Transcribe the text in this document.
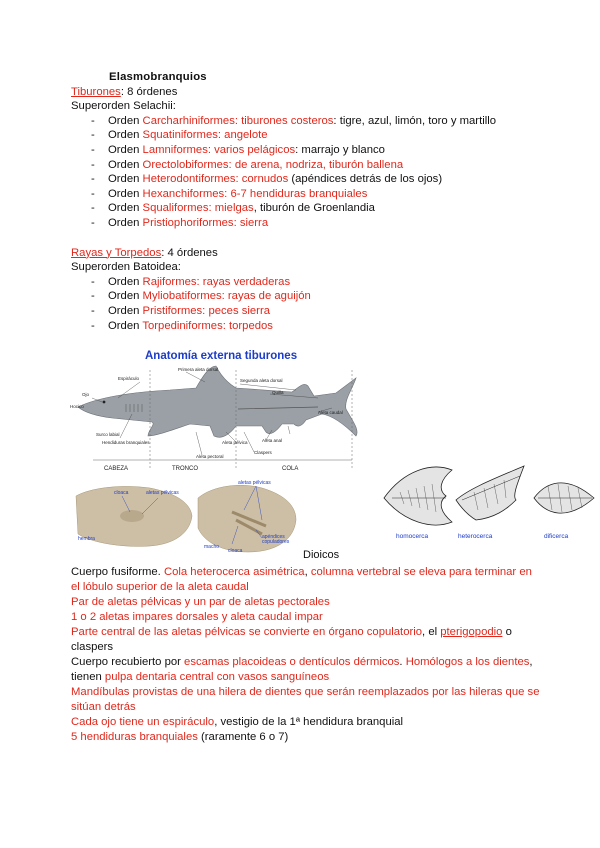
Elasmobranquios
Tiburones: 8 órdenes
Superorden Selachii:
- Orden Carcharhiniformes: tiburones costeros: tigre, azul, limón, toro y martillo
- Orden Squatiniformes: angelote
- Orden Lamniformes: varios pelágicos: marrajo y blanco
- Orden Orectolobiformes: de arena, nodriza, tiburón ballena
- Orden Heterodontiformes: cornudos (apéndices detrás de los ojos)
- Orden Hexanchiformes: 6-7 hendiduras branquiales
- Orden Squaliformes: mielgas, tiburón de Groenlandia
- Orden Pristiophoriformes: sierra
Rayas y Torpedos: 4 órdenes
Superorden Batoidea:
- Orden Rajiformes: rayas verdaderas
- Orden Myliobatiformes: rayas de aguijón
- Orden Pristiformes: peces sierra
- Orden Torpediniformes: torpedos
Anatomía externa tiburones
Primera aleta dorsal
Espiráculo	Segunda aleta dorsal
Quilla
Aleta caudal
Aleta anal
Aleta pélvica
Claspers
Aleta pectoral
Hendiduras branquiales
Ojo
Hocico
Surco labial
CABEZA	TRONCO	COLA
hembra
cloaca	aletas pélvicas
aletas pélvicas
macho
cloaca
apéndices
copuladores
homocerca	heterocerca	dificerca
Dioicos
Cuerpo fusiforme. Cola heterocerca asimétrica, columna vertebral se eleva para terminar en el lóbulo superior de la aleta caudal
Par de aletas pélvicas y un par de aletas pectorales
1 o 2 aletas impares dorsales y aleta caudal impar
Parte central de las aletas pélvicas se convierte en órgano copulatorio, el pterigopodio o claspers
Cuerpo recubierto por escamas placoideas o dentículos dérmicos. Homólogos a los dientes, tienen pulpa dentaria central con vasos sanguíneos
Mandíbulas provistas de una hilera de dientes que serán reemplazados por las hileras que se sitúan detrás
Cada ojo tiene un espiráculo, vestigio de la 1ª hendidura branquial
5 hendiduras branquiales (raramente 6 o 7)
